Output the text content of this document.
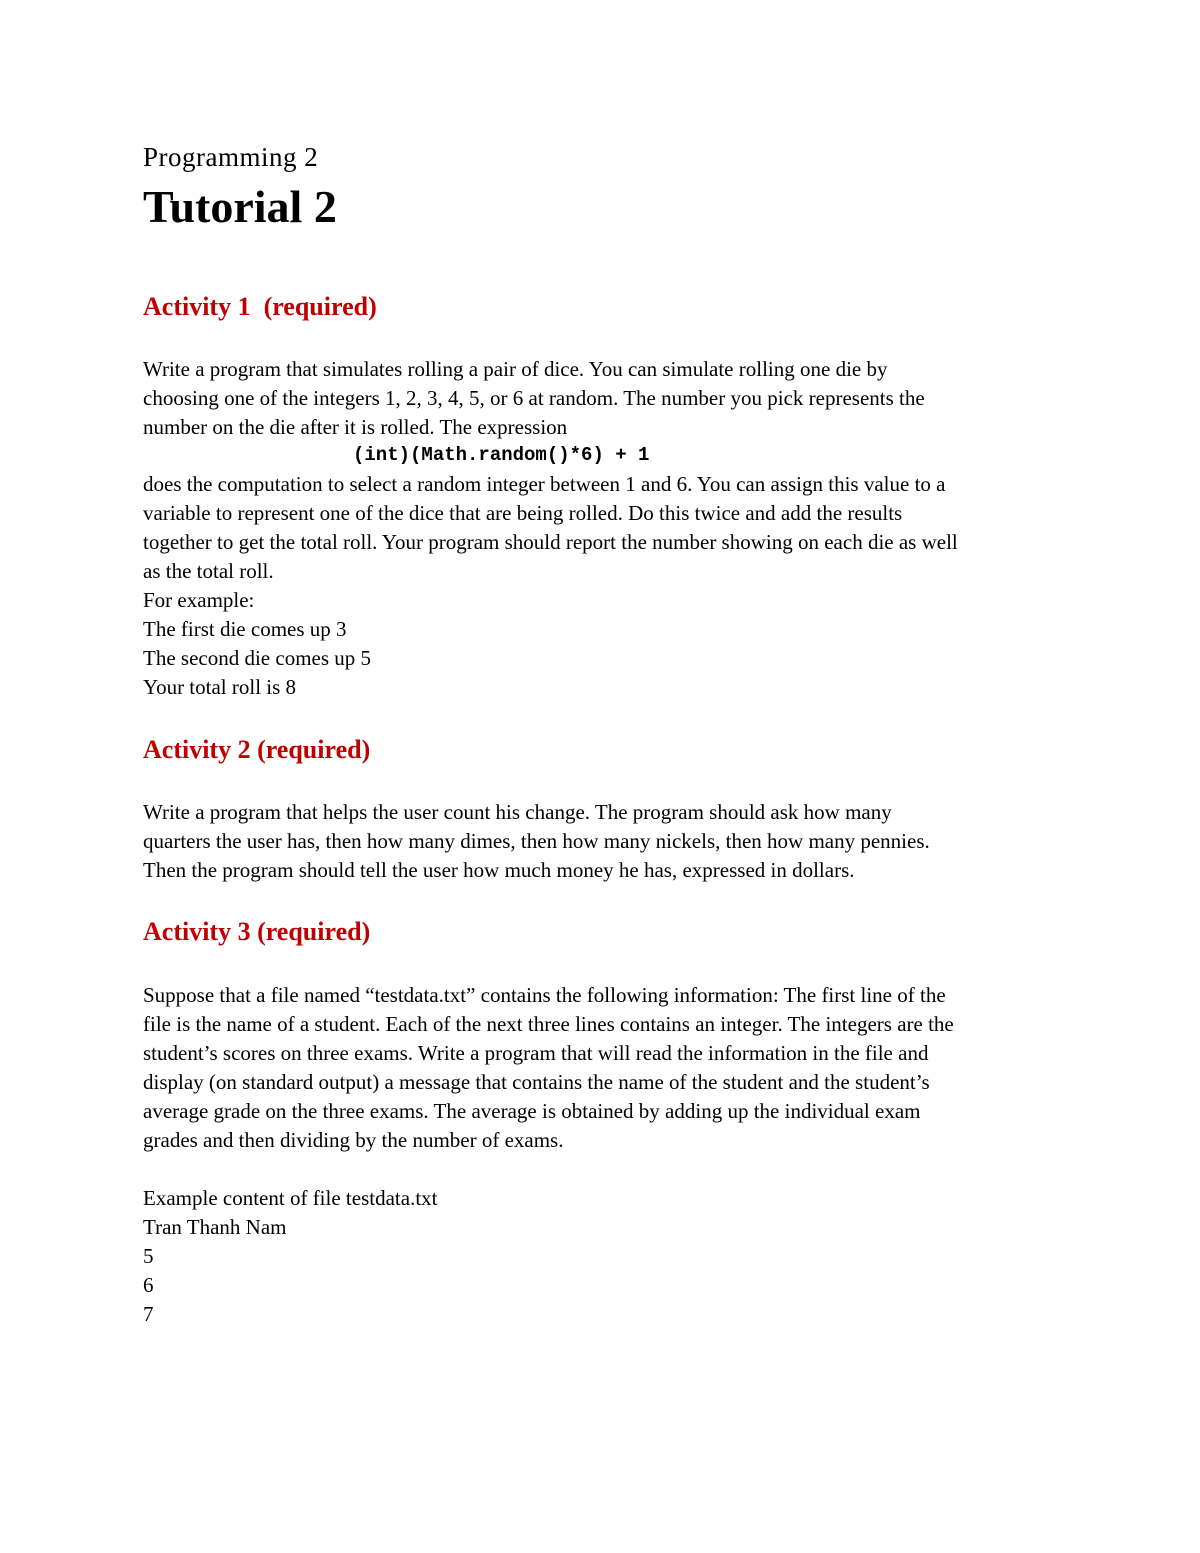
Programming 2
Tutorial 2
Activity 1  (required)
Write a program that simulates rolling a pair of dice. You can simulate rolling one die by
choosing one of the integers 1, 2, 3, 4, 5, or 6 at random. The number you pick represents the
number on the die after it is rolled. The expression
(int)(Math.random()*6) + 1
does the computation to select a random integer between 1 and 6. You can assign this value to a
variable to represent one of the dice that are being rolled. Do this twice and add the results
together to get the total roll. Your program should report the number showing on each die as well
as the total roll.
For example:
The first die comes up 3
The second die comes up 5
Your total roll is 8
Activity 2 (required)
Write a program that helps the user count his change. The program should ask how many
quarters the user has, then how many dimes, then how many nickels, then how many pennies.
Then the program should tell the user how much money he has, expressed in dollars.
Activity 3 (required)
Suppose that a file named “testdata.txt” contains the following information: The first line of the
file is the name of a student. Each of the next three lines contains an integer. The integers are the
student’s scores on three exams. Write a program that will read the information in the file and
display (on standard output) a message that contains the name of the student and the student’s
average grade on the three exams. The average is obtained by adding up the individual exam
grades and then dividing by the number of exams.
Example content of file testdata.txt
Tran Thanh Nam
5
6
7
